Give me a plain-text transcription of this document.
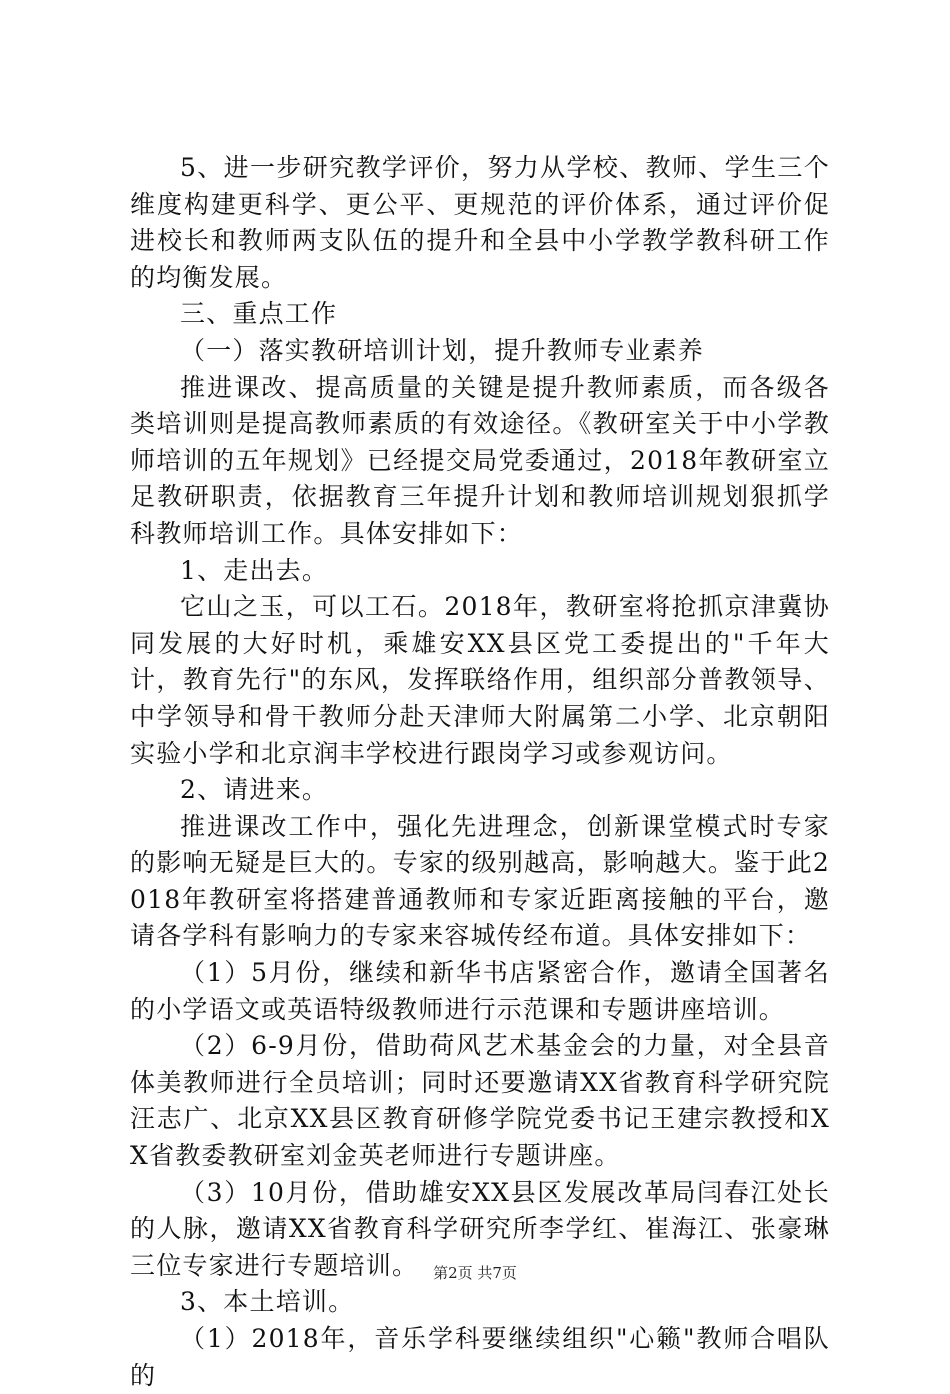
5、进一步研究教学评价，努力从学校、教师、学生三个维度构建更科学、更公平、更规范的评价体系，通过评价促进校长和教师两支队伍的提升和全县中小学教学教科研工作的均衡发展。

三、重点工作

（一）落实教研培训计划，提升教师专业素养

推进课改、提高质量的关键是提升教师素质，而各级各类培训则是提高教师素质的有效途径。《教研室关于中小学教师培训的五年规划》已经提交局党委通过，2018年教研室立足教研职责，依据教育三年提升计划和教师培训规划狠抓学科教师培训工作。具体安排如下：

1、走出去。

它山之玉，可以工石。2018年，教研室将抢抓京津冀协同发展的大好时机，乘雄安XX县区党工委提出的"千年大计，教育先行"的东风，发挥联络作用，组织部分普教领导、中学领导和骨干教师分赴天津师大附属第二小学、北京朝阳实验小学和北京润丰学校进行跟岗学习或参观访问。

2、请进来。

推进课改工作中，强化先进理念，创新课堂模式时专家的影响无疑是巨大的。专家的级别越高，影响越大。鉴于此2018年教研室将搭建普通教师和专家近距离接触的平台，邀请各学科有影响力的专家来容城传经布道。具体安排如下：

（1）5月份，继续和新华书店紧密合作，邀请全国著名的小学语文或英语特级教师进行示范课和专题讲座培训。

（2）6-9月份，借助荷风艺术基金会的力量，对全县音体美教师进行全员培训；同时还要邀请XX省教育科学研究院汪志广、北京XX县区教育研修学院党委书记王建宗教授和XX省教委教研室刘金英老师进行专题讲座。

（3）10月份，借助雄安XX县区发展改革局闫春江处长的人脉，邀请XX省教育科学研究所李学红、崔海江、张豪琳三位专家进行专题培训。

3、本土培训。

（1）2018年，音乐学科要继续组织"心籁"教师合唱队的

第2页 共7页
